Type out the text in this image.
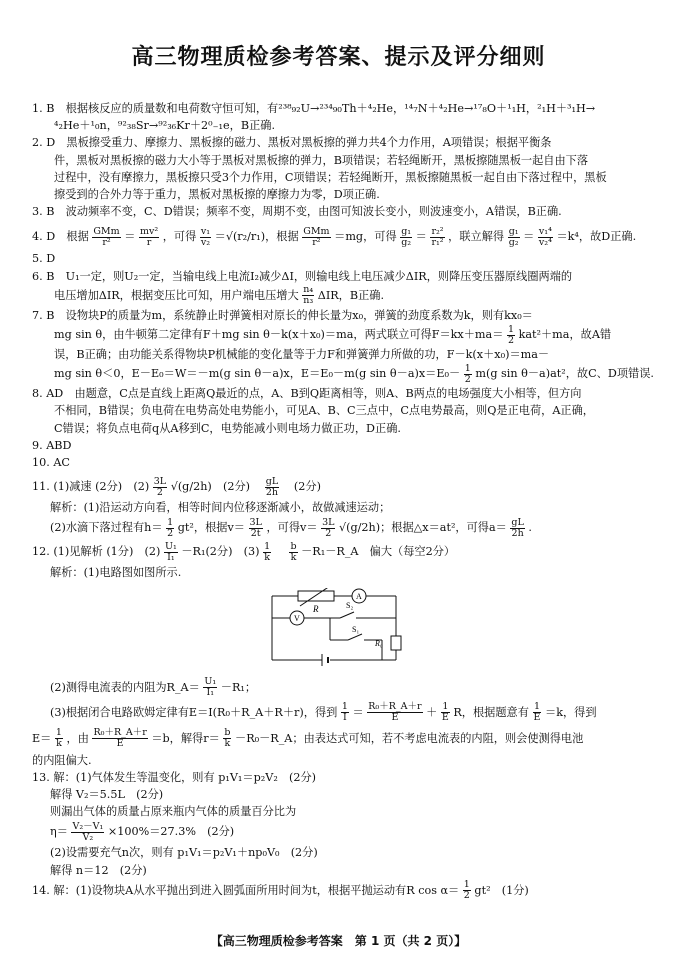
高三物理质检参考答案、提示及评分细则
1. B　根据核反应的质量数和电荷数守恒可知，有²³⁸₉₂U→²³⁴₉₀Th＋⁴₂He，¹⁴₇N＋⁴₂He→¹⁷₈O＋¹₁H，²₁H＋³₁H→
⁴₂He＋¹₀n，⁹²₃₈Sr→⁹²₃₆Kr＋2⁰₋₁e，B正确.
2. D　黑板擦受重力、摩擦力、黑板擦的磁力、黑板对黑板擦的弹力共4个力作用，A项错误；根据平衡条
件，黑板对黑板擦的磁力大小等于黑板对黑板擦的弹力，B项错误；若轻绳断开，黑板擦随黑板一起自由下落
过程中，没有摩擦力，黑板擦只受3个力作用，C项错误；若轻绳断开，黑板擦随黑板一起自由下落过程中，黑板
擦受到的合外力等于重力，黑板对黑板擦的摩擦力为零，D项正确.
3. B　波动频率不变，C、D错误；频率不变，周期不变，由图可知波长变小，则波速变小，A错误，B正确.
4. D　根据 $\frac{\text{GMm}}{\text{r²}} = \frac{\text{mv²}}{r}$ ，可得 $\frac{\text{v₁}}{\text{v₂}} =√(r_2/r_1)$，根据 $\frac{\text{GMm}}{\text{r²}} =mg$，可得 $\frac{\text{g₁}}{\text{g₂}} = \frac{\text{r₂²}}{\text{r₁²}}$ ，联立解得 $\frac{\text{g₁}}{\text{g₂}} = \frac{\text{v₁⁴}}{\text{v₂⁴}} =k^4$，故D正确.
5. D
6. B　U₁一定，则U₂一定，当输电线上电流I₂减少ΔI，则输电线上电压减少ΔIR，则降压变压器原线圈两端的
电压增加ΔIR，根据变压比可知，用户端电压增大 $\frac{\text{n₄}}{\text{n₃}}$ ΔIR，B正确.
7. B　设物块P的质量为m，系统静止时弹簧相对原长的伸长量为x₀，弹簧的劲度系数为k，则有kx₀＝
mg sin θ，由牛顿第二定律有F＋mg sin θ－k(x＋x₀)＝ma，两式联立可得$F=kx+ma= \frac{1}{2} kat^2+ma$，故A错
误，B正确；由功能关系得物块P机械能的变化量等于力F和弹簧弹力所做的功，F－k(x＋x₀)＝ma－
mg sin θ＜0，E－E₀＝W＝－m(g sin θ－a)x，E＝E₀－m(g $\sin \theta-a)x=E_0- \frac{1}{2} m(g$ sin θ－a)at²，故C、D项错误.
8. AD　由题意，C点是直线上距离Q最近的点，A、B到Q距离相等，则A、B两点的电场强度大小相等，但方向
不相同，B错误；负电荷在电势高处电势能小，可见A、B、C三点中，C点电势最高，则Q是正电荷，A正确，
C错误；将负点电荷q从A移到C，电势能减小则电场力做正功，D正确.
9. ABD
10. AC
11. (1)减速 (2分)　$(2) \frac{3L}{2} √(g/2h)$　(2分)　 $\frac{gL}{2h}$ 　(2分)
解析：(1)沿运动方向看，相等时间内位移逐渐减小，故做减速运动；
(2)水滴下落过程有$h= \frac{1}{2} gt^2$，根据$v= \frac{3L}{2t}$ ，可得$v= \frac{3L}{2} √(g/2h)$；根据△x＝at²，可得$a= \frac{gL}{2h}$ .
12. (1)见解析 (1分)　$(2) \frac{\text{U₁}}{\text{I₁}} -R_1(2$分)　$(3) \frac{1}{k}$
　 $\frac{b}{k}$ －R₁－R_A　偏大（每空2分）
解析：(1)电路图如图所示.
R
A
V
S₂
S₁
R₀
(2)测得电流表的内阻为R_A＝ $\frac{\text{U₁}}{\text{I₁}} -R_1$；
(3)根据闭合电路欧姆定律有E＝I(R₀＋R_A＋R＋r)，得到 $\frac{1}{I} = \frac{\text{R₀＋R\_A＋r}}{E} + \frac{1}{E}$ R，根据题意有 $\frac{1}{E} =k$，得到
$E= \frac{1}{k}$ ，由 $\frac{\text{R₀＋R\_A＋r}}{E} =b$，解得$r= \frac{b}{k}$ －R₀－R_A；由表达式可知，若不考虑电流表的内阻，则会使测得电池
的内阻偏大.
13. 解：(1)气体发生等温变化，则有 p₁V₁＝p₂V₂　(2分)
解得 V₂＝5.5L　(2分)
则漏出气体的质量占原来瓶内气体的质量百分比为
$\eta= \frac{\text{V₂－V₁}}{\text{V₂}} \times 100\%=27.3\%$　(2分)
(2)设需要充气n次，则有 p₁V₁＝p₂V₁＋np₀V₀　(2分)
解得 n＝12　(2分)
14. 解：(1)设物块A从水平抛出到进入圆弧面所用时间为t，根据平抛运动有R $\cos \alpha= \frac{1}{2} gt^2$　(1分)
【高三物理质检参考答案　第 1 页（共 2 页）】
